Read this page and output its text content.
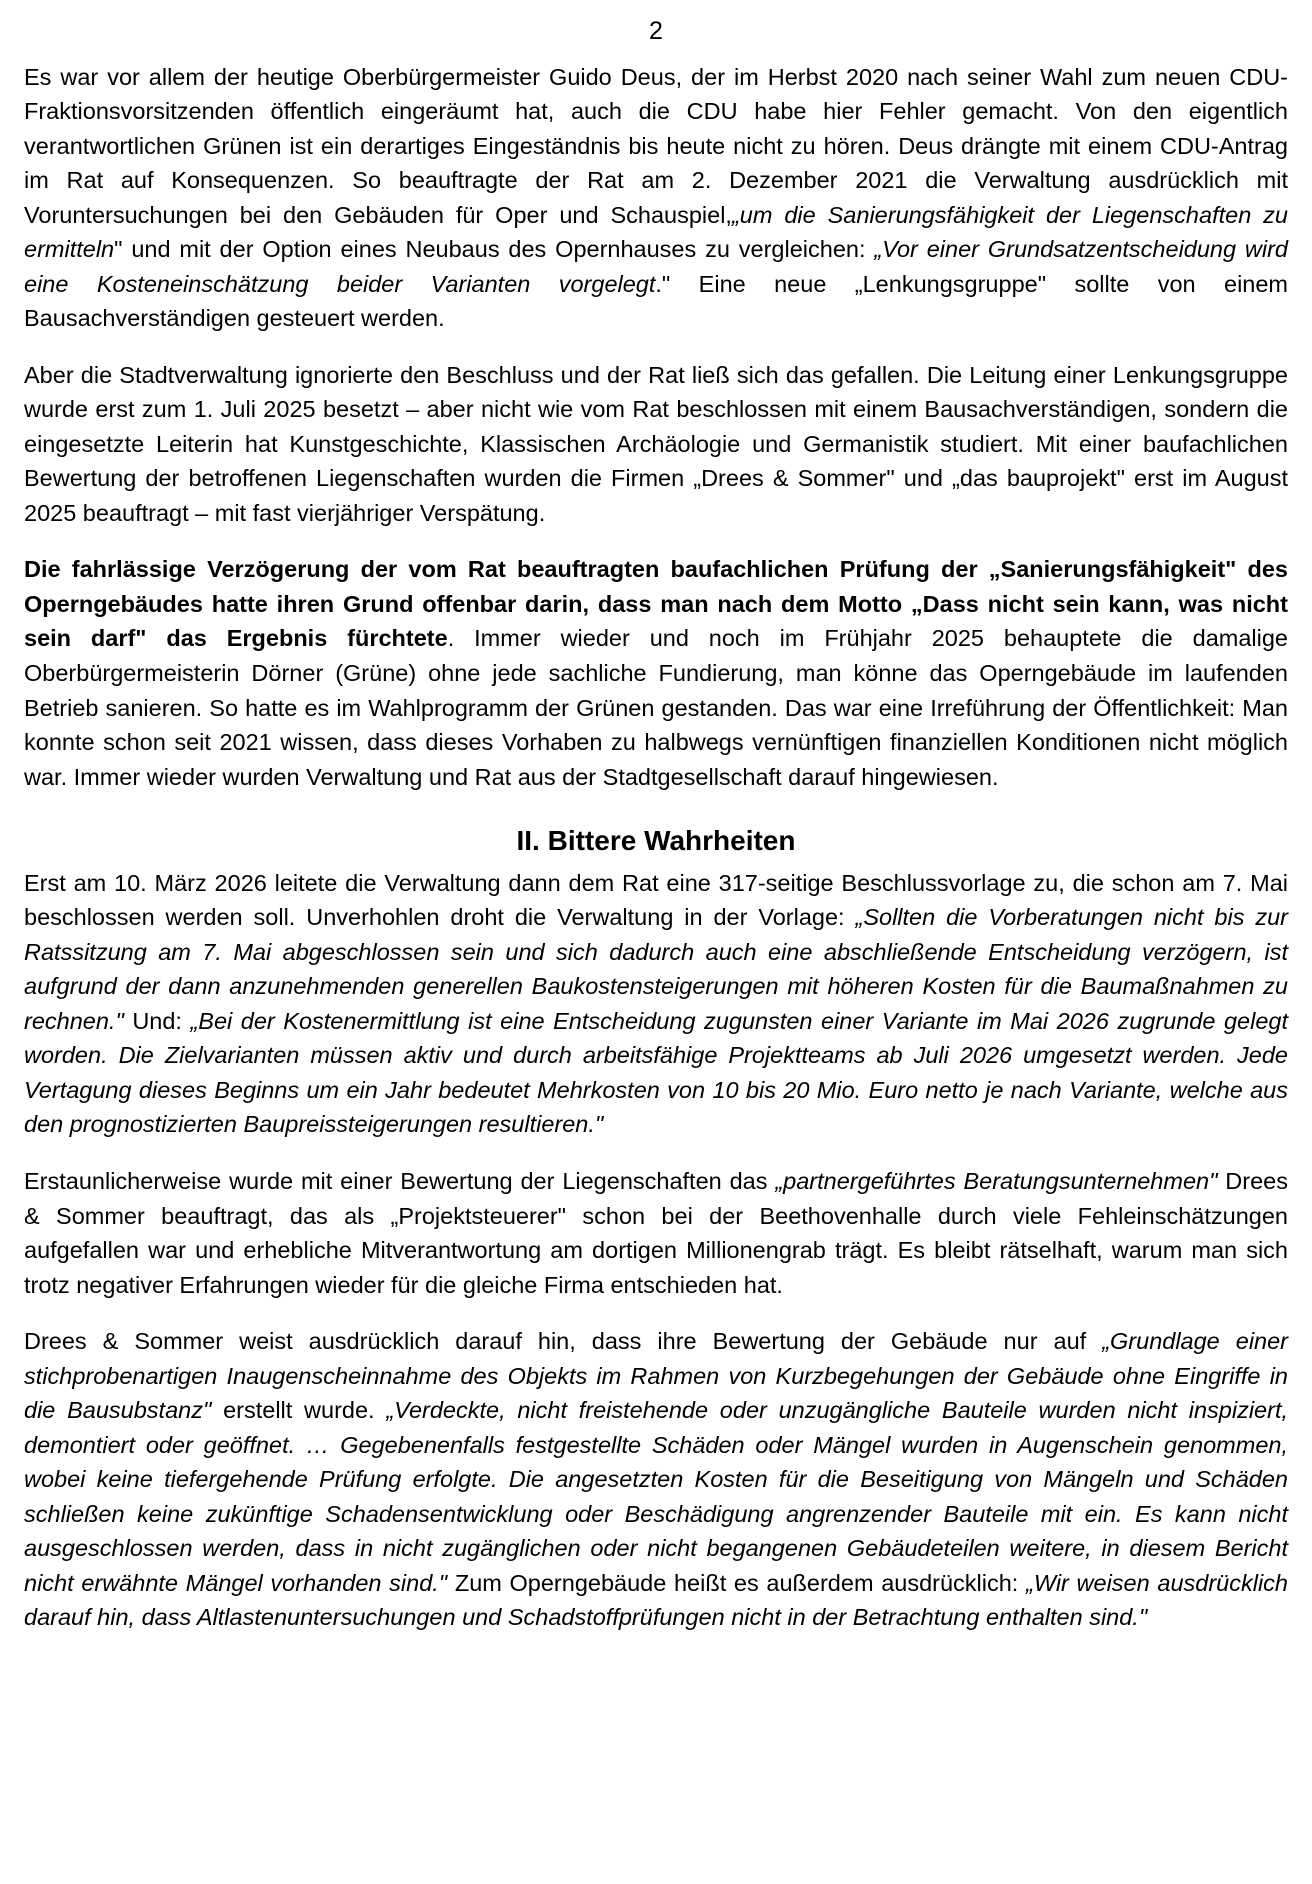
2

Es war vor allem der heutige Oberbürgermeister Guido Deus, der im Herbst 2020 nach seiner Wahl zum neuen CDU-Fraktionsvorsitzenden öffentlich eingeräumt hat, auch die CDU habe hier Fehler gemacht. Von den eigentlich verantwortlichen Grünen ist ein derartiges Eingeständnis bis heute nicht zu hören. Deus drängte mit einem CDU-Antrag im Rat auf Konsequenzen. So beauftragte der Rat am 2. Dezember 2021 die Verwaltung ausdrücklich mit Voruntersuchungen bei den Gebäuden für Oper und Schauspiel,„um die Sanierungsfähigkeit der Liegenschaften zu ermitteln" und mit der Option eines Neubaus des Opernhauses zu vergleichen: „Vor einer Grundsatzentscheidung wird eine Kosteneinschätzung beider Varianten vorgelegt." Eine neue „Lenkungsgruppe" sollte von einem Bausachverständigen gesteuert werden.

Aber die Stadtverwaltung ignorierte den Beschluss und der Rat ließ sich das gefallen. Die Leitung einer Lenkungsgruppe wurde erst zum 1. Juli 2025 besetzt – aber nicht wie vom Rat beschlossen mit einem Bausachverständigen, sondern die eingesetzte Leiterin hat Kunstgeschichte, Klassischen Archäologie und Germanistik studiert. Mit einer baufachlichen Bewertung der betroffenen Liegenschaften wurden die Firmen „Drees & Sommer" und „das bauprojekt" erst im August 2025 beauftragt – mit fast vierjähriger Verspätung.

Die fahrlässige Verzögerung der vom Rat beauftragten baufachlichen Prüfung der „Sanierungsfähigkeit" des Operngebäudes hatte ihren Grund offenbar darin, dass man nach dem Motto „Dass nicht sein kann, was nicht sein darf" das Ergebnis fürchtete. Immer wieder und noch im Frühjahr 2025 behauptete die damalige Oberbürgermeisterin Dörner (Grüne) ohne jede sachliche Fundierung, man könne das Operngebäude im laufenden Betrieb sanieren. So hatte es im Wahlprogramm der Grünen gestanden. Das war eine Irreführung der Öffentlichkeit: Man konnte schon seit 2021 wissen, dass dieses Vorhaben zu halbwegs vernünftigen finanziellen Konditionen nicht möglich war. Immer wieder wurden Verwaltung und Rat aus der Stadtgesellschaft darauf hingewiesen.

II. Bittere Wahrheiten

Erst am 10. März 2026 leitete die Verwaltung dann dem Rat eine 317-seitige Beschlussvorlage zu, die schon am 7. Mai beschlossen werden soll. Unverhohlen droht die Verwaltung in der Vorlage: „Sollten die Vorberatungen nicht bis zur Ratssitzung am 7. Mai abgeschlossen sein und sich dadurch auch eine abschließende Entscheidung verzögern, ist aufgrund der dann anzunehmenden generellen Baukostensteigerungen mit höheren Kosten für die Baumaßnahmen zu rechnen." Und: „Bei der Kostenermittlung ist eine Entscheidung zugunsten einer Variante im Mai 2026 zugrunde gelegt worden. Die Zielvarianten müssen aktiv und durch arbeitsfähige Projektteams ab Juli 2026 umgesetzt werden. Jede Vertagung dieses Beginns um ein Jahr bedeutet Mehrkosten von 10 bis 20 Mio. Euro netto je nach Variante, welche aus den prognostizierten Baupreissteigerungen resultieren."

Erstaunlicherweise wurde mit einer Bewertung der Liegenschaften das „partnergeführtes Beratungsunternehmen" Drees & Sommer beauftragt, das als „Projektsteuerer" schon bei der Beethovenhalle durch viele Fehleinschätzungen aufgefallen war und erhebliche Mitverantwortung am dortigen Millionengrab trägt. Es bleibt rätselhaft, warum man sich trotz negativer Erfahrungen wieder für die gleiche Firma entschieden hat.

Drees & Sommer weist ausdrücklich darauf hin, dass ihre Bewertung der Gebäude nur auf „Grundlage einer stichprobenartigen Inaugenscheinnahme des Objekts im Rahmen von Kurzbegehungen der Gebäude ohne Eingriffe in die Bausubstanz" erstellt wurde. „Verdeckte, nicht freistehende oder unzugängliche Bauteile wurden nicht inspiziert, demontiert oder geöffnet. … Gegebenenfalls festgestellte Schäden oder Mängel wurden in Augenschein genommen, wobei keine tiefergehende Prüfung erfolgte. Die angesetzten Kosten für die Beseitigung von Mängeln und Schäden schließen keine zukünftige Schadensentwicklung oder Beschädigung angrenzender Bauteile mit ein. Es kann nicht ausgeschlossen werden, dass in nicht zugänglichen oder nicht begangenen Gebäudeteilen weitere, in diesem Bericht nicht erwähnte Mängel vorhanden sind." Zum Operngebäude heißt es außerdem ausdrücklich: „Wir weisen ausdrücklich darauf hin, dass Altlastenuntersuchungen und Schadstoffprüfungen nicht in der Betrachtung enthalten sind."
